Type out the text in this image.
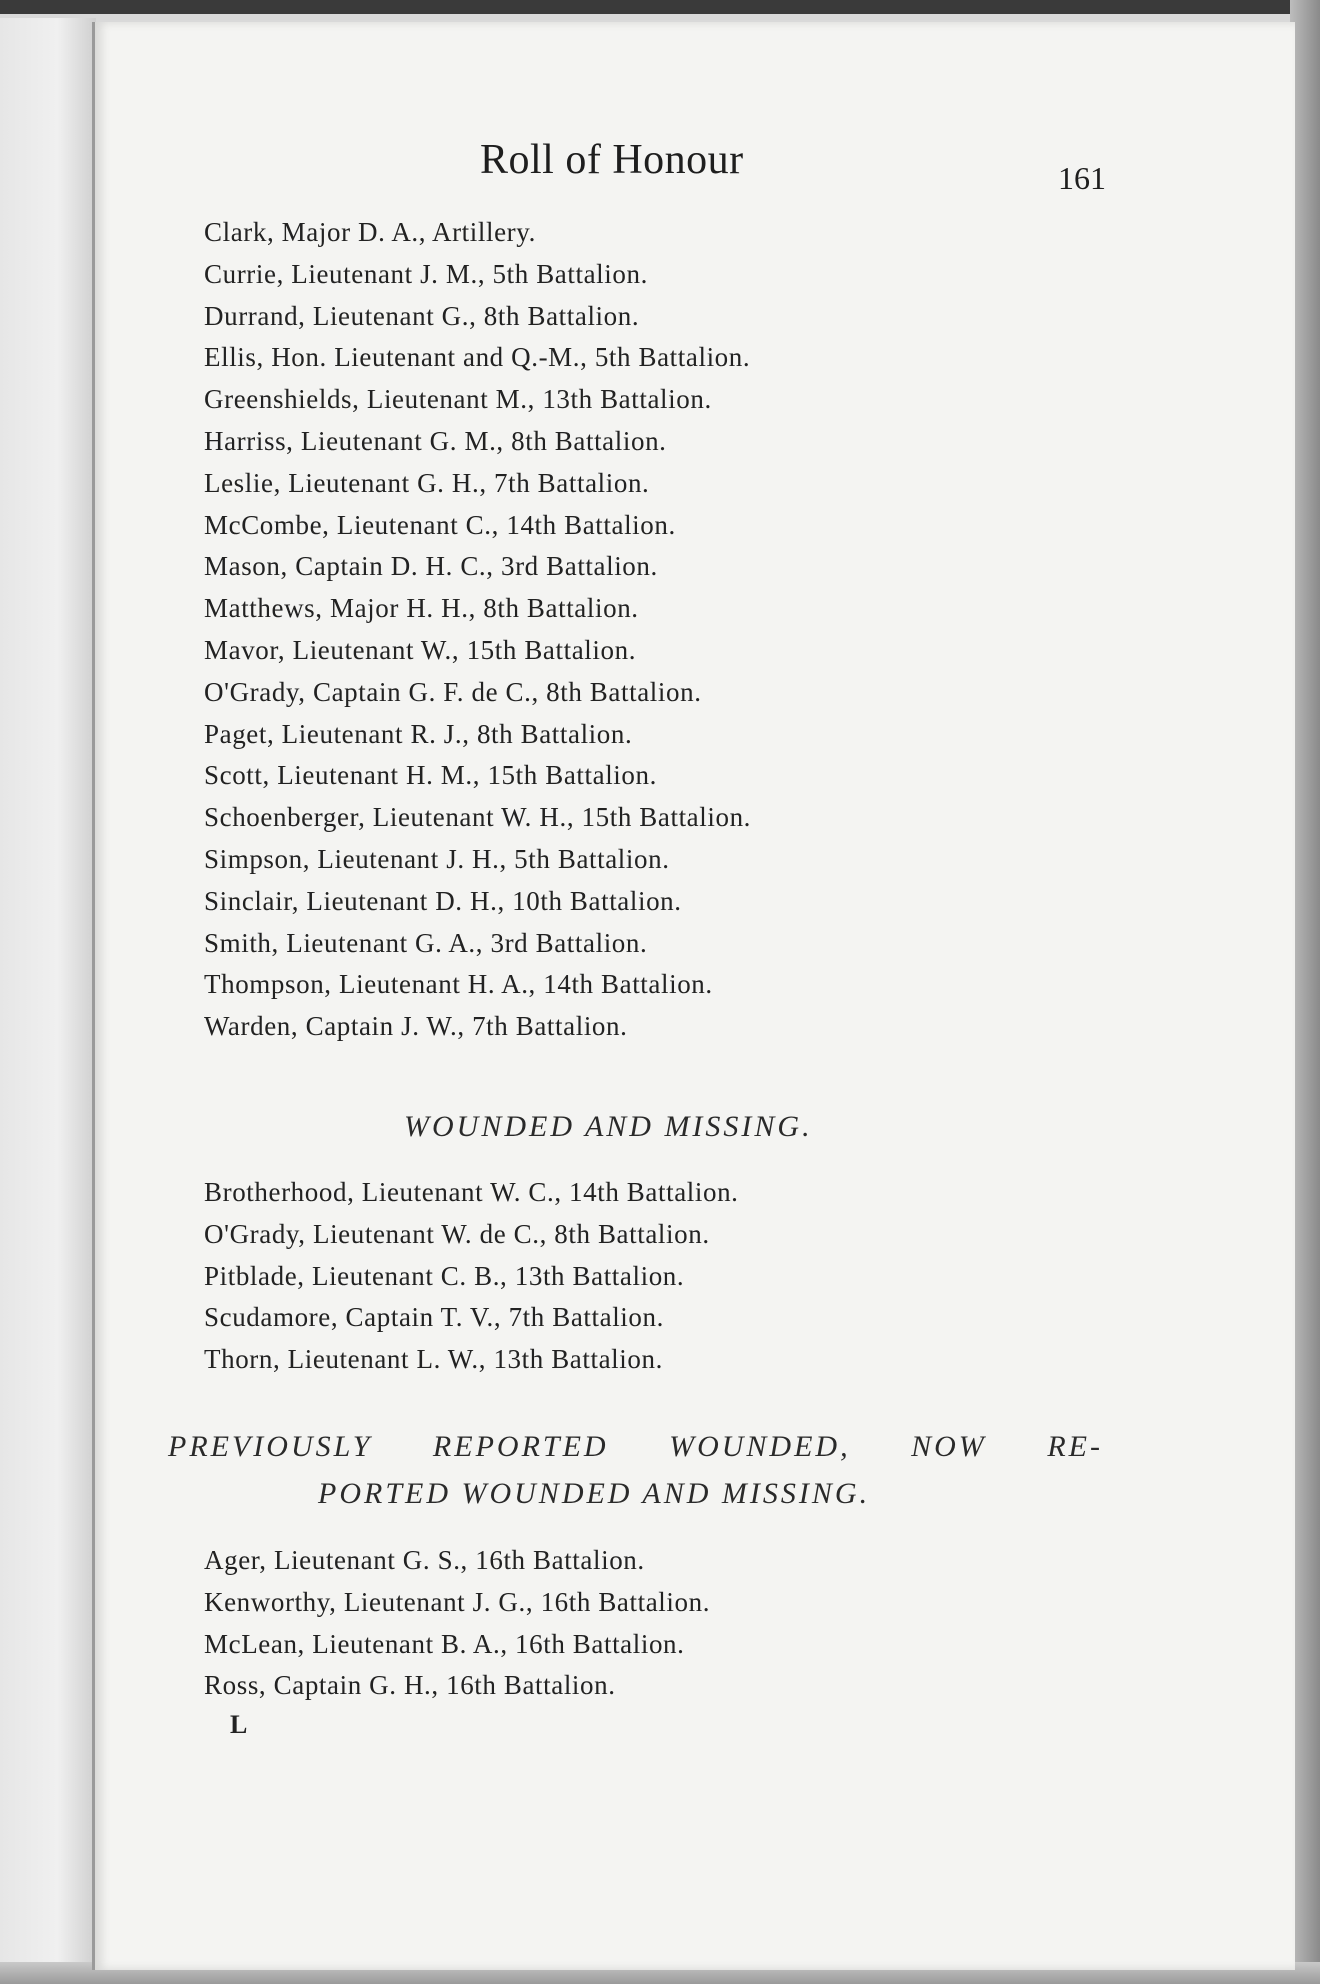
Roll of Honour	161
Clark, Major D. A., Artillery.
Currie, Lieutenant J. M., 5th Battalion.
Durrand, Lieutenant G., 8th Battalion.
Ellis, Hon. Lieutenant and Q.-M., 5th Battalion.
Greenshields, Lieutenant M., 13th Battalion.
Harriss, Lieutenant G. M., 8th Battalion.
Leslie, Lieutenant G. H., 7th Battalion.
McCombe, Lieutenant C., 14th Battalion.
Mason, Captain D. H. C., 3rd Battalion.
Matthews, Major H. H., 8th Battalion.
Mavor, Lieutenant W., 15th Battalion.
O'Grady, Captain G. F. de C., 8th Battalion.
Paget, Lieutenant R. J., 8th Battalion.
Scott, Lieutenant H. M., 15th Battalion.
Schoenberger, Lieutenant W. H., 15th Battalion.
Simpson, Lieutenant J. H., 5th Battalion.
Sinclair, Lieutenant D. H., 10th Battalion.
Smith, Lieutenant G. A., 3rd Battalion.
Thompson, Lieutenant H. A., 14th Battalion.
Warden, Captain J. W., 7th Battalion.
WOUNDED AND MISSING.
Brotherhood, Lieutenant W. C., 14th Battalion.
O'Grady, Lieutenant W. de C., 8th Battalion.
Pitblade, Lieutenant C. B., 13th Battalion.
Scudamore, Captain T. V., 7th Battalion.
Thorn, Lieutenant L. W., 13th Battalion.
PREVIOUSLY REPORTED WOUNDED, NOW RE-
PORTED WOUNDED AND MISSING.
Ager, Lieutenant G. S., 16th Battalion.
Kenworthy, Lieutenant J. G., 16th Battalion.
McLean, Lieutenant B. A., 16th Battalion.
Ross, Captain G. H., 16th Battalion.
L
